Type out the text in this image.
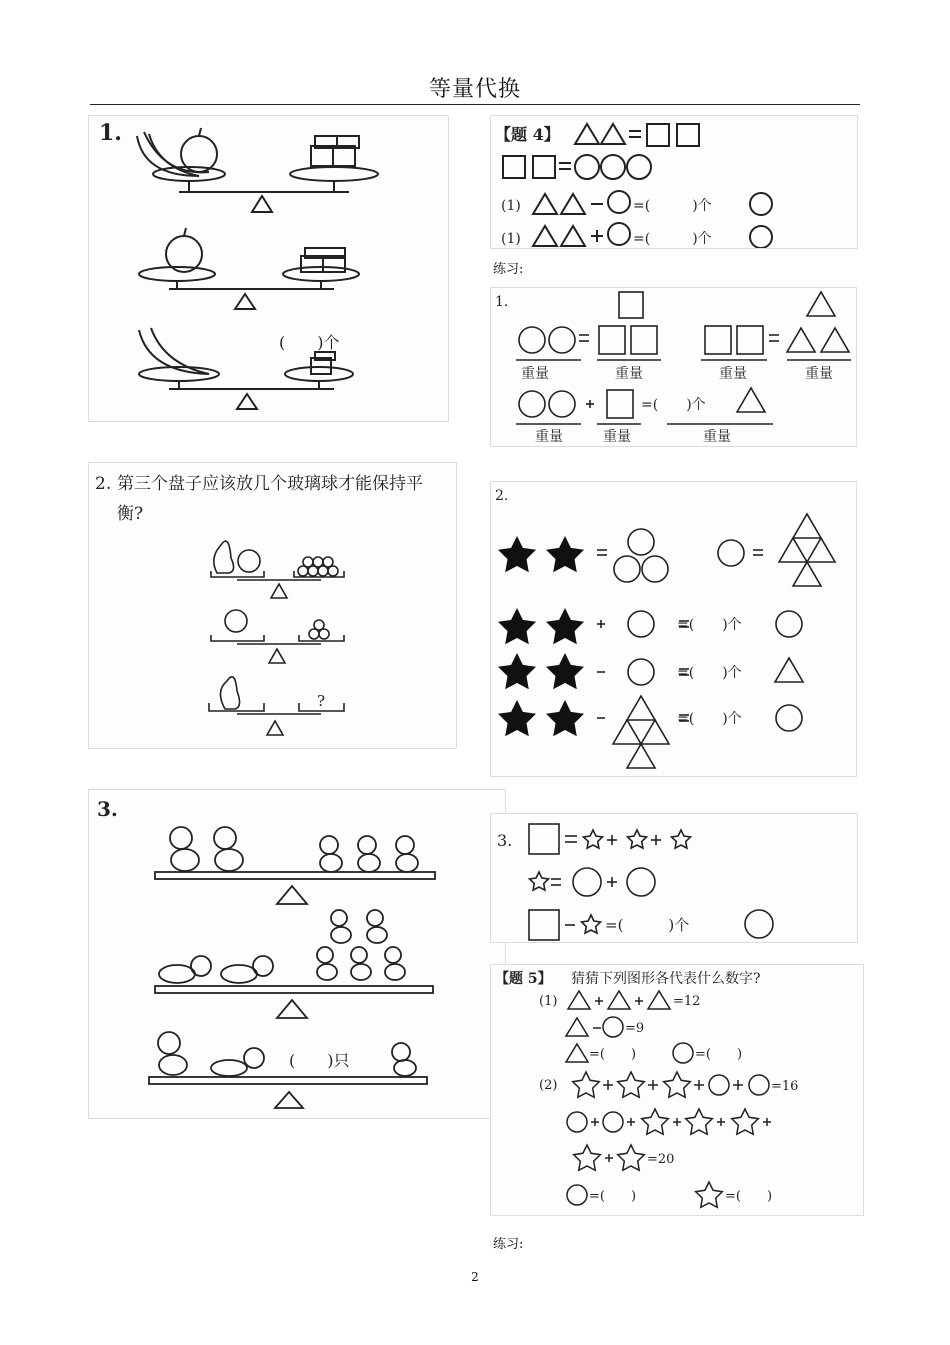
等量代换
1.
(　　)个
2. 第三个盘子应该放几个玻璃球才能保持平
衡?
?
3.
(　　)只
【题 4】
(1)	=(　　　)个
(1)	=(　　　)个
练习:
1.
重量	重量	重量	重量
=(　　)个
重量	重量	重量
2.
=(　　)个
=(　　)个
=(　　)个
3.
=(　　　)个
【题 5】 猜猜下列图形各代表什么数字?
(1)
(2)
=12
=9
=(　　)	=(　　)
=16
=20
=(　　)	=(　　)
练习:
2
